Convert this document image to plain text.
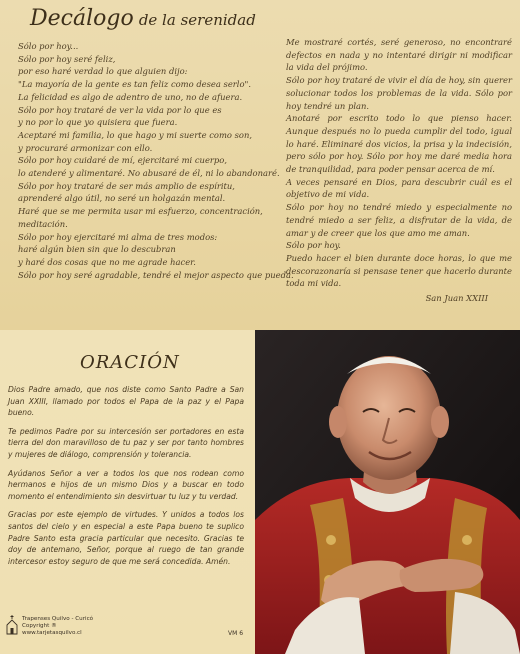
Decálogo de la serenidad
Sólo por hoy...
Sólo por hoy seré feliz,
por eso haré verdad lo que alguien dijo:
"La mayoría de la gente es tan feliz como desea serlo".
La felicidad es algo de adentro de uno, no de afuera.
Sólo por hoy trataré de ver la vida por lo que es
y no por lo que yo quisiera que fuera.
Aceptaré mi familia, lo que hago y mi suerte como son,
y procuraré armonizar con ello.
Sólo por hoy cuidaré de mí, ejercitaré mi cuerpo,
lo atenderé y alimentaré. No abusaré de él, ni lo abandonaré.
Sólo por hoy trataré de ser más amplio de espíritu,
aprenderé algo útil, no seré un holgazán mental.
Haré que se me permita usar mi esfuerzo, concentración,
meditación.
Sólo por hoy ejercitaré mi alma de tres modos:
haré algún bien sin que lo descubran
y haré dos cosas que no me agrade hacer.
Sólo por hoy seré agradable, tendré el mejor aspecto que pueda.
Me mostraré cortés, seré generoso, no encontraré defectos en nada y no intentaré dirigir ni modificar la vida del prójimo.
Sólo por hoy trataré de vivir el día de hoy, sin querer solucionar todos los problemas de la vida. Sólo por hoy tendré un plan.
Anotaré por escrito todo lo que pienso hacer. Aunque después no lo pueda cumplir del todo, igual lo haré. Eliminaré dos vicios, la prisa y la indecisión, pero sólo por hoy. Sólo por hoy me daré media hora de tranquilidad, para poder pensar acerca de mí.
A veces pensaré en Dios, para descubrir cuál es el objetivo de mi vida.
Sólo por hoy no tendré miedo y especialmente no tendré miedo a ser feliz, a disfrutar de la vida, de amar y de creer que los que amo me aman.
Sólo por hoy.
Puedo hacer el bien durante doce horas, lo que me descorazonaría si pensase tener que hacerlo durante toda mi vida.
San Juan XXIII
ORACIÓN

Dios Padre amado, que nos diste como Santo Padre a San Juan XXIII, llamado por todos el Papa de la paz y el Papa bueno.

Te pedimos Padre por su intercesión ser portadores en esta tierra del don maravilloso de tu paz y ser por tanto hombres y mujeres de diálogo, comprensión y tolerancia.

Ayúdanos Señor a ver a todos los que nos rodean como hermanos e hijos de un mismo Dios y a buscar en todo momento el entendimiento sin desvirtuar tu luz y tu verdad.

Gracias por este ejemplo de virtudes. Y unidos a todos los santos del cielo y en especial a este Papa bueno te suplico Padre Santo esta gracia particular que necesito. Gracias te doy de antemano, Señor, porque al ruego de tan grande intercesor estoy seguro de que me será concedida. Amén.

Trapenses Quilvo - Curicó
Copyright ®
www.tarjetasquilvo.cl	VM 6
